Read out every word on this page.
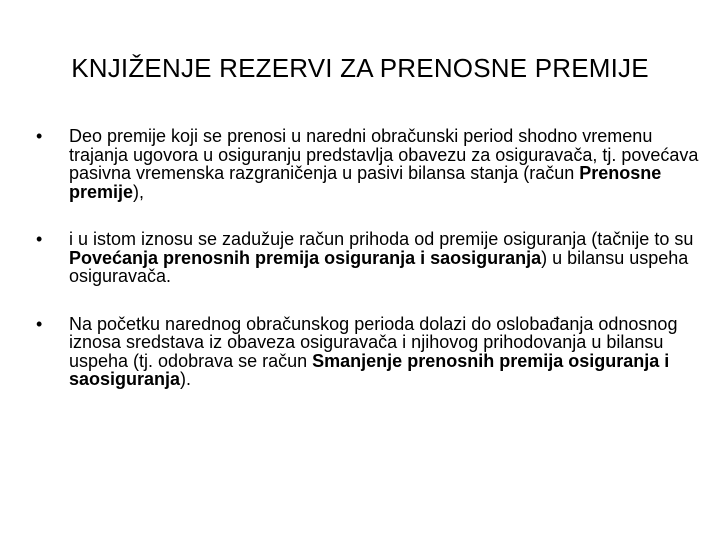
KNJIŽENJE REZERVI ZA PRENOSNE PREMIJE
• Deo premije koji se prenosi u naredni obračunski period shodno vremenu trajanja ugovora u osiguranju predstavlja obavezu za osiguravača, tj. povećava pasivna vremenska razgraničenja u pasivi bilansa stanja (račun Prenosne premije),
• i u istom iznosu se zadužuje račun prihoda od premije osiguranja (tačnije to su Povećanja prenosnih premija osiguranja i saosiguranja) u bilansu uspeha osiguravača.
• Na početku narednog obračunskog perioda dolazi do oslobađanja odnosnog iznosa sredstava iz obaveza osiguravača i njihovog prihodovanja u bilansu uspeha (tj. odobrava se račun Smanjenje prenosnih premija osiguranja i saosiguranja).
